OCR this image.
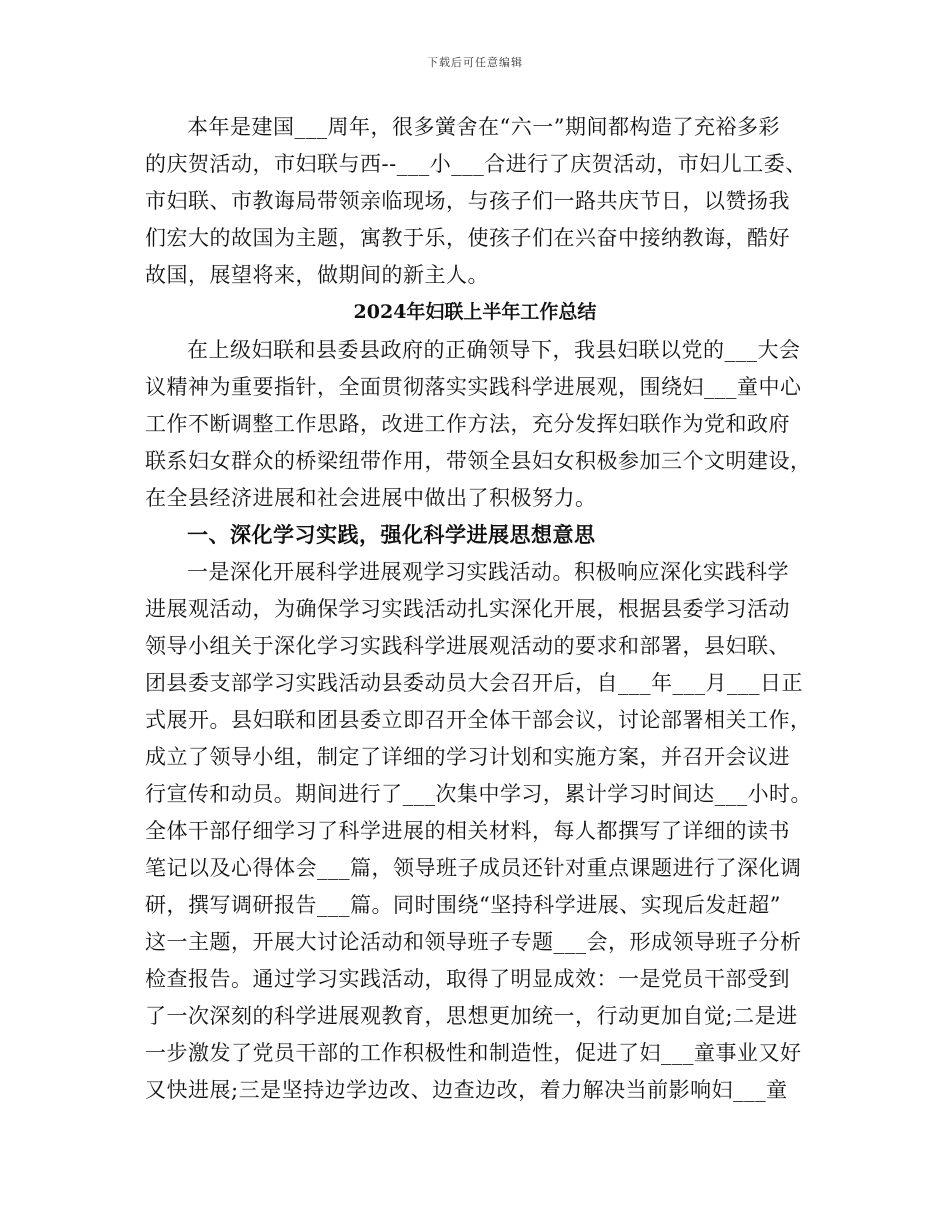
下载后可任意编辑
本年是建国___周年，很多黉舍在“六一”期间都构造了充裕多彩
的庆贺活动，市妇联与西--___小___合进行了庆贺活动，市妇儿工委、
市妇联、市教诲局带领亲临现场，与孩子们一路共庆节日，以赞扬我
们宏大的故国为主题，寓教于乐，使孩子们在兴奋中接纳教诲，酷好
故国，展望将来，做期间的新主人。
2024年妇联上半年工作总结
在上级妇联和县委县政府的正确领导下，我县妇联以党的___大会
议精神为重要指针，全面贯彻落实实践科学进展观，围绕妇___童中心
工作不断调整工作思路，改进工作方法，充分发挥妇联作为党和政府
联系妇女群众的桥梁纽带作用，带领全县妇女积极参加三个文明建设，
在全县经济进展和社会进展中做出了积极努力。
一、深化学习实践，强化科学进展思想意思
一是深化开展科学进展观学习实践活动。积极响应深化实践科学
进展观活动，为确保学习实践活动扎实深化开展，根据县委学习活动
领导小组关于深化学习实践科学进展观活动的要求和部署，县妇联、
团县委支部学习实践活动县委动员大会召开后，自___年___月___日正
式展开。县妇联和团县委立即召开全体干部会议，讨论部署相关工作，
成立了领导小组，制定了详细的学习计划和实施方案，并召开会议进
行宣传和动员。期间进行了___次集中学习，累计学习时间达___小时。
全体干部仔细学习了科学进展的相关材料，每人都撰写了详细的读书
笔记以及心得体会___篇，领导班子成员还针对重点课题进行了深化调
研，撰写调研报告___篇。同时围绕“坚持科学进展、实现后发赶超”
这一主题，开展大讨论活动和领导班子专题___会，形成领导班子分析
检查报告。通过学习实践活动，取得了明显成效：一是党员干部受到
了一次深刻的科学进展观教育，思想更加统一，行动更加自觉;二是进
一步激发了党员干部的工作积极性和制造性，促进了妇___童事业又好
又快进展;三是坚持边学边改、边查边改，着力解决当前影响妇___童
